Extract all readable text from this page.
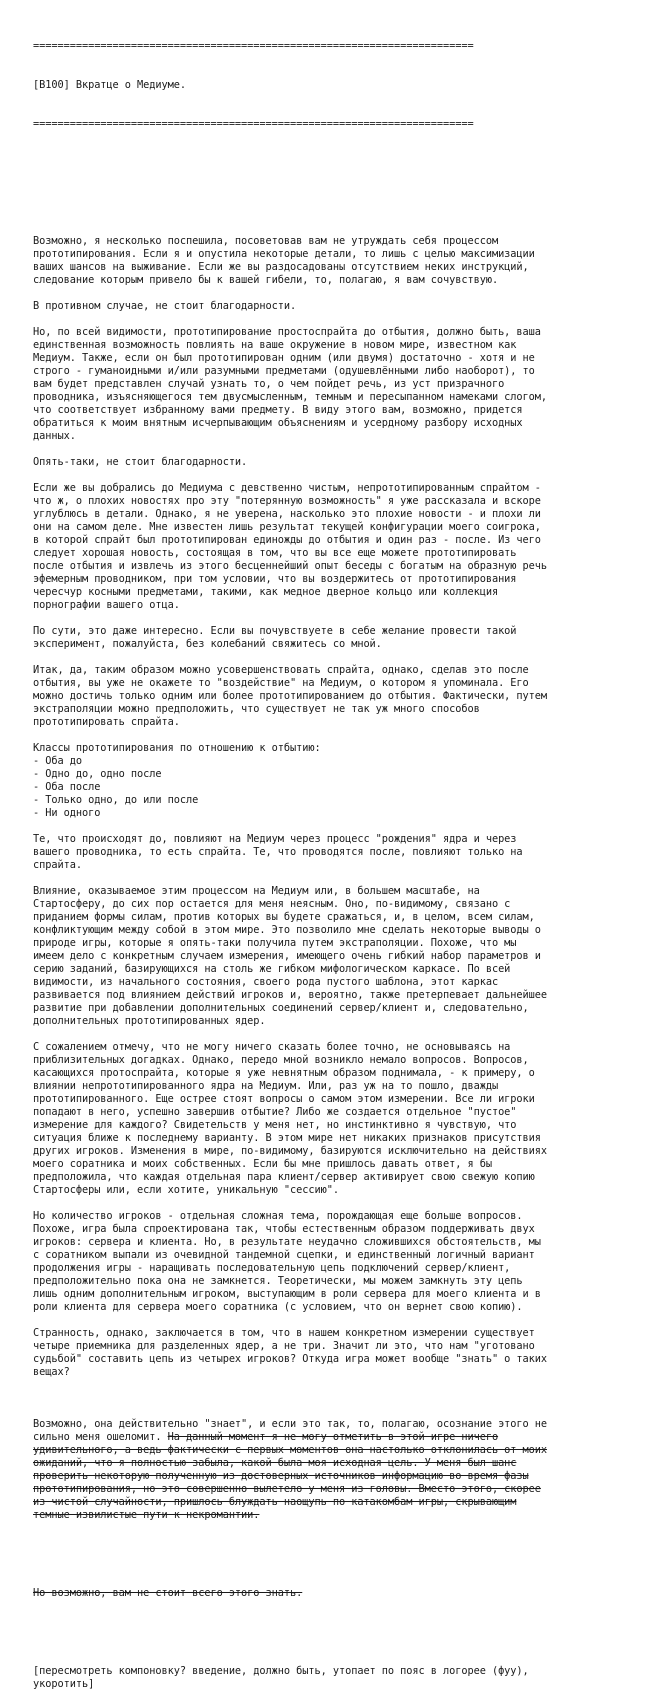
========================================================================

[B100] Вкратце о Медиуме.

========================================================================

Возможно, я несколько поспешила, посоветовав вам не утруждать себя процессом
прототипирования. Если я и опустила некоторые детали, то лишь с целью максимизации
ваших шансов на выживание. Если же вы раздосадованы отсутствием неких инструкций,
следование которым привело бы к вашей гибели, то, полагаю, я вам сочувствую.
В противном случае, не стоит благодарности.
Но, по всей видимости, прототипирование простоспрайта до отбытия, должно быть, ваша
единственная возможность повлиять на ваше окружение в новом мире, известном как
Медиум. Также, если он был прототипирован одним (или двумя) достаточно - хотя и не
строго - гуманоидными и/или разумными предметами (одушевлёнными либо наоборот), то
вам будет представлен случай узнать то, о чем пойдет речь, из уст призрачного
проводника, изъясняющегося тем двусмысленным, темным и пересыпанном намеками слогом,
что соответствует избранному вами предмету. В виду этого вам, возможно, придется
обратиться к моим внятным исчерпывающим объяснениям и усердному разбору исходных
данных.
Опять-таки, не стоит благодарности.
Если же вы добрались до Медиума с девственно чистым, непрототипированным спрайтом -
что ж, о плохих новостях про эту "потерянную возможность" я уже рассказала и вскоре
углублюсь в детали. Однако, я не уверена, насколько это плохие новости - и плохи ли
они на самом деле. Мне известен лишь результат текущей конфигурации моего соигрока,
в которой спрайт был прототипирован единожды до отбытия и один раз - после. Из чего
следует хорошая новость, состоящая в том, что вы все еще можете прототипировать
после отбытия и извлечь из этого бесценнейший опыт беседы с богатым на образную речь
эфемерным проводником, при том условии, что вы воздержитесь от прототипирования
чересчур косными предметами, такими, как медное дверное кольцо или коллекция
порнографии вашего отца.
По сути, это даже интересно. Если вы почувствуете в себе желание провести такой
эксперимент, пожалуйста, без колебаний свяжитесь со мной.
Итак, да, таким образом можно усовершенствовать спрайта, однако, сделав это после
отбытия, вы уже не окажете то "воздействие" на Медиум, о котором я упоминала. Его
можно достичь только одним или более прототипированием до отбытия. Фактически, путем
экстраполяции можно предположить, что существует не так уж много способов
прототипировать спрайта.
Классы прототипирования по отношению к отбытию:
- Оба до
- Одно до, одно после
- Оба после
- Только одно, до или после
- Ни одного
Те, что происходят до, повлияют на Медиум через процесс "рождения" ядра и через
вашего проводника, то есть спрайта. Те, что проводятся после, повлияют только на
спрайта.
Влияние, оказываемое этим процессом на Медиум или, в большем масштабе, на
Стартосферу, до сих пор остается для меня неясным. Оно, по-видимому, связано с
приданием формы силам, против которых вы будете сражаться, и, в целом, всем силам,
конфликтующим между собой в этом мире. Это позволило мне сделать некоторые выводы о
природе игры, которые я опять-таки получила путем экстраполяции. Похоже, что мы
имеем дело с конкретным случаем измерения, имеющего очень гибкий набор параметров и
серию заданий, базирующихся на столь же гибком мифологическом каркасе. По всей
видимости, из начального состояния, своего рода пустого шаблона, этот каркас
развивается под влиянием действий игроков и, вероятно, также претерпевает дальнейшее
развитие при добавлении дополнительных соединений сервер/клиент и, следовательно,
дополнительных прототипированных ядер.
С сожалением отмечу, что не могу ничего сказать более точно, не основываясь на
приблизительных догадках. Однако, передо мной возникло немало вопросов. Вопросов,
касающихся протоспрайта, которые я уже невнятным образом поднимала, - к примеру, о
влиянии непрототипированного ядра на Медиум. Или, раз уж на то пошло, дважды
прототипированного. Еще острее стоят вопросы о самом этом измерении. Все ли игроки
попадают в него, успешно завершив отбытие? Либо же создается отдельное "пустое"
измерение для каждого? Свидетельств у меня нет, но инстинктивно я чувствую, что
ситуация ближе к последнему варианту. В этом мире нет никаких признаков присутствия
других игроков. Изменения в мире, по-видимому, базируются исключительно на действиях
моего соратника и моих собственных. Если бы мне пришлось давать ответ, я бы
предположила, что каждая отдельная пара клиент/сервер активирует свою свежую копию
Стартосферы или, если хотите, уникальную "сессию".
Но количество игроков - отдельная сложная тема, порождающая еще больше вопросов.
Похоже, игра была спроектирована так, чтобы естественным образом поддерживать двух
игроков: сервера и клиента. Но, в результате неудачно сложившихся обстоятельств, мы
с соратником выпали из очевидной тандемной сцепки, и единственный логичный вариант
продолжения игры - наращивать последовательную цепь подключений сервер/клиент,
предположительно пока она не замкнется. Теоретически, мы можем замкнуть эту цепь
лишь одним дополнительным игроком, выступающим в роли сервера для моего клиента и в
роли клиента для сервера моего соратника (с условием, что он вернет свою копию).
Странность, однако, заключается в том, что в нашем конкретном измерении существует
четыре приемника для разделенных ядер, а не три. Значит ли это, что нам "уготовано
судьбой" составить цепь из четырех игроков? Откуда игра может вообще "знать" о таких
вещах?

Возможно, она действительно "знает", и если это так, то, полагаю, осознание этого не
сильно меня ошеломит. На данный момент я не могу отметить в этой игре ничего
удивительного, а ведь фактически с первых моментов она настолько отклонилась от моих
ожиданий, что я полностью забыла, какой была моя исходная цель. У меня был шанс
проверить некоторую полученную из достоверных источников информацию во время фазы
прототипирования, но это совершенно вылетело у меня из головы. Вместо этого, скорее
из чистой случайности, пришлось блуждать наощупь по катакомбам игры, скрывающим
темные извилистые пути к некромантии.

Но возможно, вам не стоит всего этого знать.

[пересмотреть компоновку? введение, должно быть, утопает по пояс в логорее (фуу),
укоротить]
